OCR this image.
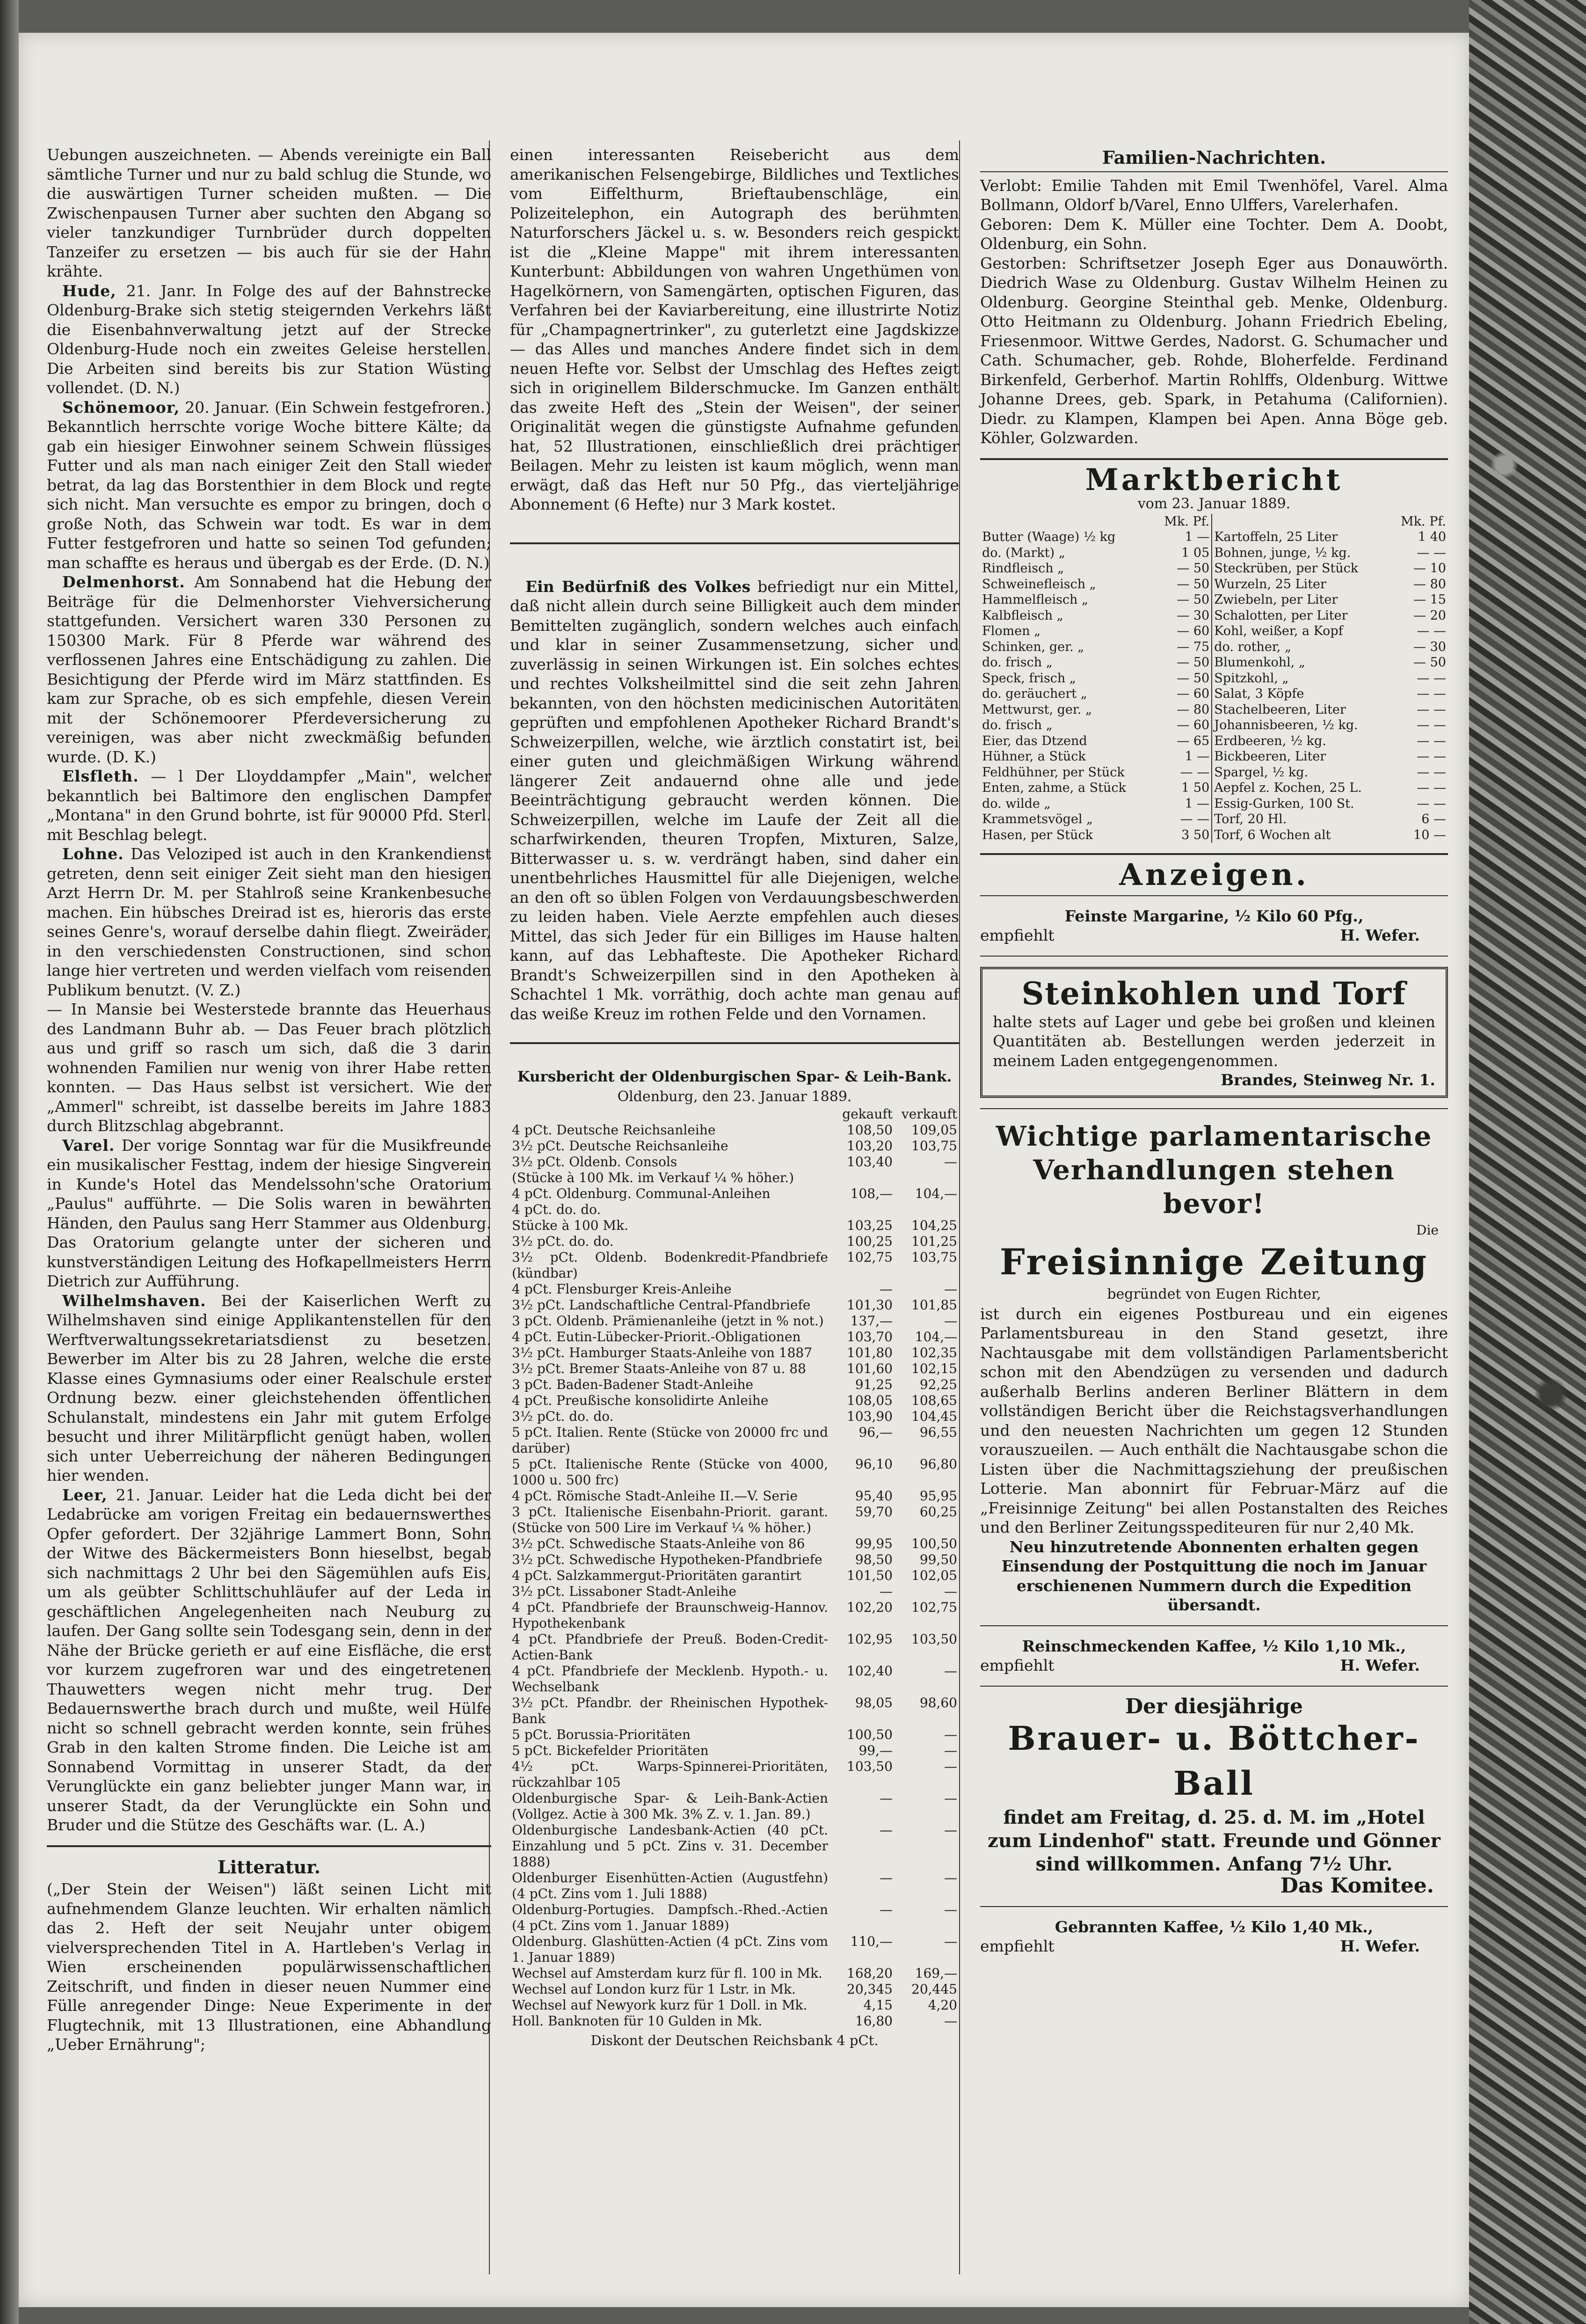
Uebungen auszeichneten. — Abends vereinigte ein Ball sämtliche Turner und nur zu bald schlug die Stunde, wo die auswärtigen Turner scheiden mußten. — Die Zwischenpausen Turner aber suchten den Abgang so vieler tanzkundiger Turnbrüder durch doppelten Tanzeifer zu ersetzen — bis auch für sie der Hahn krähte.

 Hude, 21. Janr. In Folge des auf der Bahnstrecke Oldenburg-Brake sich stetig steigernden Verkehrs läßt die Eisenbahnverwaltung jetzt auf der Strecke Oldenburg-Hude noch ein zweites Geleise herstellen. Die Arbeiten sind bereits bis zur Station Wüsting vollendet. (D. N.)

 Schönemoor, 20. Januar. (Ein Schwein festgefroren.) Bekanntlich herrschte vorige Woche bittere Kälte; da gab ein hiesiger Einwohner seinem Schwein flüssiges Futter und als man nach einiger Zeit den Stall wieder betrat, da lag das Borstenthier in dem Block und regte sich nicht. Man versuchte es empor zu bringen, doch o große Noth, das Schwein war todt. Es war in dem Futter festgefroren und hatte so seinen Tod gefunden; man schaffte es heraus und übergab es der Erde. (D. N.)

 Delmenhorst. Am Sonnabend hat die Hebung der Beiträge für die Delmenhorster Viehversicherung stattgefunden. Versichert waren 330 Personen zu 150300 Mark. Für 8 Pferde war während des verflossenen Jahres eine Entschädigung zu zahlen. Die Besichtigung der Pferde wird im März stattfinden. Es kam zur Sprache, ob es sich empfehle, diesen Verein mit der Schönemoorer Pferdeversicherung zu vereinigen, was aber nicht zweckmäßig befunden wurde. (D. K.)

 Elsfleth. — l Der Lloyddampfer „Main", welcher bekanntlich bei Baltimore den englischen Dampfer „Montana" in den Grund bohrte, ist für 90000 Pfd. Sterl. mit Beschlag belegt.

 Lohne. Das Veloziped ist auch in den Krankendienst getreten, denn seit einiger Zeit sieht man den hiesigen Arzt Herrn Dr. M. per Stahlroß seine Krankenbesuche machen. Ein hübsches Dreirad ist es, hieroris das erste seines Genre's, worauf derselbe dahin fliegt. Zweiräder, in den verschiedensten Constructionen, sind schon lange hier vertreten und werden vielfach vom reisenden Publikum benutzt. (V. Z.)

— In Mansie bei Westerstede brannte das Heuerhaus des Landmann Buhr ab. — Das Feuer brach plötzlich aus und griff so rasch um sich, daß die 3 darin wohnenden Familien nur wenig von ihrer Habe retten konnten. — Das Haus selbst ist versichert. Wie der „Ammerl" schreibt, ist dasselbe bereits im Jahre 1883 durch Blitzschlag abgebrannt.

 Varel. Der vorige Sonntag war für die Musikfreunde ein musikalischer Festtag, indem der hiesige Singverein in Kunde's Hotel das Mendelssohn'sche Oratorium „Paulus" aufführte. — Die Solis waren in bewährten Händen, den Paulus sang Herr Stammer aus Oldenburg. Das Oratorium gelangte unter der sicheren und kunstverständigen Leitung des Hofkapellmeisters Herrn Dietrich zur Aufführung.

 Wilhelmshaven. Bei der Kaiserlichen Werft zu Wilhelmshaven sind einige Applikantenstellen für den Werftverwaltungssekretariatsdienst zu besetzen. Bewerber im Alter bis zu 28 Jahren, welche die erste Klasse eines Gymnasiums oder einer Realschule erster Ordnung bezw. einer gleichstehenden öffentlichen Schulanstalt, mindestens ein Jahr mit gutem Erfolge besucht und ihrer Militärpflicht genügt haben, wollen sich unter Ueberreichung der näheren Bedingungen hier wenden.

 Leer, 21. Januar. Leider hat die Leda dicht bei der Ledabrücke am vorigen Freitag ein bedauernswerthes Opfer gefordert. Der 32jährige Lammert Bonn, Sohn der Witwe des Bäckermeisters Bonn hieselbst, begab sich nachmittags 2 Uhr bei den Sägemühlen aufs Eis, um als geübter Schlittschuhläufer auf der Leda in geschäftlichen Angelegenheiten nach Neuburg zu laufen. Der Gang sollte sein Todesgang sein, denn in der Nähe der Brücke gerieth er auf eine Eisfläche, die erst vor kurzem zugefroren war und des eingetretenen Thauwetters wegen nicht mehr trug. Der Bedauernswerthe brach durch und mußte, weil Hülfe nicht so schnell gebracht werden konnte, sein frühes Grab in den kalten Strome finden. Die Leiche ist am Sonnabend Vormittag in unserer Stadt, da der Verunglückte ein ganz beliebter junger Mann war, in unserer Stadt, da der Verunglückte ein Sohn und Bruder und die Stütze des Geschäfts war. (L. A.)

Litteratur.

(„Der Stein der Weisen") läßt seinen Licht mit aufnehmendem Glanze leuchten. Wir erhalten nämlich das 2. Heft der seit Neujahr unter obigem vielversprechenden Titel in A. Hartleben's Verlag in Wien erscheinenden populärwissenschaftlichen Zeitschrift, und finden in dieser neuen Nummer eine Fülle anregender Dinge: Neue Experimente in der Flugtechnik, mit 13 Illustrationen, eine Abhandlung „Ueber Ernährung";

einen interessanten Reisebericht aus dem amerikanischen Felsengebirge, Bildliches und Textliches vom Eiffelthurm, Brieftaubenschläge, ein Polizeitelephon, ein Autograph des berühmten Naturforschers Jäckel u. s. w. Besonders reich gespickt ist die „Kleine Mappe" mit ihrem interessanten Kunterbunt: Abbildungen von wahren Ungethümen von Hagelkörnern, von Samengärten, optischen Figuren, das Verfahren bei der Kaviarbereitung, eine illustrirte Notiz für „Champagnertrinker", zu guterletzt eine Jagdskizze — das Alles und manches Andere findet sich in dem neuen Hefte vor. Selbst der Umschlag des Heftes zeigt sich in originellem Bilderschmucke. Im Ganzen enthält das zweite Heft des „Stein der Weisen", der seiner Originalität wegen die günstigste Aufnahme gefunden hat, 52 Illustrationen, einschließlich drei prächtiger Beilagen. Mehr zu leisten ist kaum möglich, wenn man erwägt, daß das Heft nur 50 Pfg., das vierteljährige Abonnement (6 Hefte) nur 3 Mark kostet.

 Ein Bedürfniß des Volkes befriedigt nur ein Mittel, daß nicht allein durch seine Billigkeit auch dem minder Bemittelten zugänglich, sondern welches auch einfach und klar in seiner Zusammensetzung, sicher und zuverlässig in seinen Wirkungen ist. Ein solches echtes und rechtes Volksheilmittel sind die seit zehn Jahren bekannten, von den höchsten medicinischen Autoritäten geprüften und empfohlenen Apotheker Richard Brandt's Schweizerpillen, welche, wie ärztlich constatirt ist, bei einer guten und gleichmäßigen Wirkung während längerer Zeit andauernd ohne alle und jede Beeinträchtigung gebraucht werden können. Die Schweizerpillen, welche im Laufe der Zeit all die scharfwirkenden, theuren Tropfen, Mixturen, Salze, Bitterwasser u. s. w. verdrängt haben, sind daher ein unentbehrliches Hausmittel für alle Diejenigen, welche an den oft so üblen Folgen von Verdauungsbeschwerden zu leiden haben. Viele Aerzte empfehlen auch dieses Mittel, das sich Jeder für ein Billiges im Hause halten kann, auf das Lebhafteste. Die Apotheker Richard Brandt's Schweizerpillen sind in den Apotheken à Schachtel 1 Mk. vorräthig, doch achte man genau auf das weiße Kreuz im rothen Felde und den Vornamen.

Kursbericht der Oldenburgischen Spar- & Leih-Bank.
Oldenburg, den 23. Januar 1889.
	gekauft	verkauft
4 pCt. Deutsche Reichsanleihe	108,50	109,05
3½ pCt. Deutsche Reichsanleihe	103,20	103,75
3½ pCt. Oldenb. Consols	103,40	—
(Stücke à 100 Mk. im Verkauf ¼ % höher.)		
4 pCt. Oldenburg. Communal-Anleihen	108,—	104,—
4 pCt. do. do.		
Stücke à 100 Mk.	103,25	104,25
3½ pCt. do. do.	100,25	101,25
3½ pCt. Oldenb. Bodenkredit-Pfandbriefe (kündbar)	102,75	103,75
4 pCt. Flensburger Kreis-Anleihe	—	—
3½ pCt. Landschaftliche Central-Pfandbriefe	101,30	101,85
3 pCt. Oldenb. Prämienanleihe (jetzt in % not.)	137,—	—
4 pCt. Eutin-Lübecker-Priorit.-Obligationen	103,70	104,—
3½ pCt. Hamburger Staats-Anleihe von 1887	101,80	102,35
3½ pCt. Bremer Staats-Anleihe von 87 u. 88	101,60	102,15
3 pCt. Baden-Badener Stadt-Anleihe	91,25	92,25
4 pCt. Preußische konsolidirte Anleihe	108,05	108,65
3½ pCt. do. do.	103,90	104,45
5 pCt. Italien. Rente (Stücke von 20000 frc und darüber)	96,—	96,55
5 pCt. Italienische Rente (Stücke von 4000, 1000 u. 500 frc)	96,10	96,80
4 pCt. Römische Stadt-Anleihe II.—V. Serie	95,40	95,95
3 pCt. Italienische Eisenbahn-Priorit. garant. (Stücke von 500 Lire im Verkauf ¼ % höher.)	59,70	60,25
3½ pCt. Schwedische Staats-Anleihe von 86	99,95	100,50
3½ pCt. Schwedische Hypotheken-Pfandbriefe	98,50	99,50
4 pCt. Salzkammergut-Prioritäten garantirt	101,50	102,05
3½ pCt. Lissaboner Stadt-Anleihe	—	—
4 pCt. Pfandbriefe der Braunschweig-Hannov. Hypothekenbank	102,20	102,75
4 pCt. Pfandbriefe der Preuß. Boden-Credit-Actien-Bank	102,95	103,50
4 pCt. Pfandbriefe der Mecklenb. Hypoth.- u. Wechselbank	102,40	—
3½ pCt. Pfandbr. der Rheinischen Hypothek-Bank	98,05	98,60
5 pCt. Borussia-Prioritäten	100,50	—
5 pCt. Bickefelder Prioritäten	99,—	—
4½ pCt. Warps-Spinnerei-Prioritäten, rückzahlbar 105	103,50	—
Oldenburgische Spar- & Leih-Bank-Actien (Vollgez. Actie à 300 Mk. 3% Z. v. 1. Jan. 89.)	—	—
Oldenburgische Landesbank-Actien (40 pCt. Einzahlung und 5 pCt. Zins v. 31. December 1888)	—	—
Oldenburger Eisenhütten-Actien (Augustfehn) (4 pCt. Zins vom 1. Juli 1888)	—	—
Oldenburg-Portugies. Dampfsch.-Rhed.-Actien (4 pCt. Zins vom 1. Januar 1889)	—	—
Oldenburg. Glashütten-Actien (4 pCt. Zins vom 1. Januar 1889)	110,—	—
Wechsel auf Amsterdam kurz für fl. 100 in Mk.	168,20	169,—
Wechsel auf London kurz für 1 Lstr. in Mk.	20,345	20,445
Wechsel auf Newyork kurz für 1 Doll. in Mk.	4,15	4,20
Holl. Banknoten für 10 Gulden in Mk.	16,80	—
Diskont der Deutschen Reichsbank 4 pCt.
Familien-Nachrichten.

Verlobt: Emilie Tahden mit Emil Twenhöfel, Varel. Alma Bollmann, Oldorf b/Varel, Enno Ulffers, Varelerhafen.

Geboren: Dem K. Müller eine Tochter. Dem A. Doobt, Oldenburg, ein Sohn.

Gestorben: Schriftsetzer Joseph Eger aus Donauwörth. Diedrich Wase zu Oldenburg. Gustav Wilhelm Heinen zu Oldenburg. Georgine Steinthal geb. Menke, Oldenburg. Otto Heitmann zu Oldenburg. Johann Friedrich Ebeling, Friesenmoor. Wittwe Gerdes, Nadorst. G. Schumacher und Cath. Schumacher, geb. Rohde, Bloherfelde. Ferdinand Birkenfeld, Gerberhof. Martin Rohlffs, Oldenburg. Wittwe Johanne Drees, geb. Spark, in Petahuma (Californien). Diedr. zu Klampen, Klampen bei Apen. Anna Böge geb. Köhler, Golzwarden.

Marktbericht
vom 23. Januar 1889.
	Mk. Pf.			Mk. Pf.
Butter (Waage) ½ kg	1 —		Kartoffeln, 25 Liter	1 40
do. (Markt) „	1 05		Bohnen, junge, ½ kg.	— —
Rindfleisch „	— 50		Steckrüben, per Stück	— 10
Schweinefleisch „	— 50		Wurzeln, 25 Liter	— 80
Hammelfleisch „	— 50		Zwiebeln, per Liter	— 15
Kalbfleisch „	— 30		Schalotten, per Liter	— 20
Flomen „	— 60		Kohl, weißer, a Kopf	— —
Schinken, ger. „	— 75		do. rother, „	— 30
do. frisch „	— 50		Blumenkohl, „	— 50
Speck, frisch „	— 50		Spitzkohl, „	— —
do. geräuchert „	— 60		Salat, 3 Köpfe	— —
Mettwurst, ger. „	— 80		Stachelbeeren, Liter	— —
do. frisch „	— 60		Johannisbeeren, ½ kg.	— —
Eier, das Dtzend	— 65		Erdbeeren, ½ kg.	— —
Hühner, a Stück	1 —		Bickbeeren, Liter	— —
Feldhühner, per Stück	— —		Spargel, ½ kg.	— —
Enten, zahme, a Stück	1 50		Aepfel z. Kochen, 25 L.	— —
do. wilde „	1 —		Essig-Gurken, 100 St.	— —
Krammetsvögel „	— —		Torf, 20 Hl.	6 —
Hasen, per Stück	3 50		Torf, 6 Wochen alt	10 —
Anzeigen.
Feinste Margarine, ½ Kilo 60 Pfg.,
empfiehlt	H. Wefer.
Steinkohlen und Torf

halte stets auf Lager und gebe bei großen und kleinen Quantitäten ab. Bestellungen werden jederzeit in meinem Laden entgegengenommen.

Brandes, Steinweg Nr. 1.
Wichtige parlamentarische
Verhandlungen stehen bevor!
Die
Freisinnige Zeitung
begründet von Eugen Richter,

ist durch ein eigenes Postbureau und ein eigenes Parlamentsbureau in den Stand gesetzt, ihre Nachtausgabe mit dem vollständigen Parlamentsbericht schon mit den Abendzügen zu versenden und dadurch außerhalb Berlins anderen Berliner Blättern in dem vollständigen Bericht über die Reichstagsverhandlungen und den neuesten Nachrichten um gegen 12 Stunden vorauszueilen. — Auch enthält die Nachtausgabe schon die Listen über die Nachmittagsziehung der preußischen Lotterie. Man abonnirt für Februar-März auf die „Freisinnige Zeitung" bei allen Postanstalten des Reiches und den Berliner Zeitungsspediteuren für nur 2,40 Mk.

Neu hinzutretende Abonnenten erhalten gegen Einsendung der Postquittung die noch im Januar erschienenen Nummern durch die Expedition übersandt.

Reinschmeckenden Kaffee, ½ Kilo 1,10 Mk.,
empfiehlt	H. Wefer.
Der diesjährige
Brauer- u. Böttcher-Ball

findet am Freitag, d. 25. d. M. im „Hotel zum Lindenhof" statt. Freunde und Gönner sind willkommen. Anfang 7½ Uhr.

Das Komitee.
Gebrannten Kaffee, ½ Kilo 1,40 Mk.,
empfiehlt	H. Wefer.
